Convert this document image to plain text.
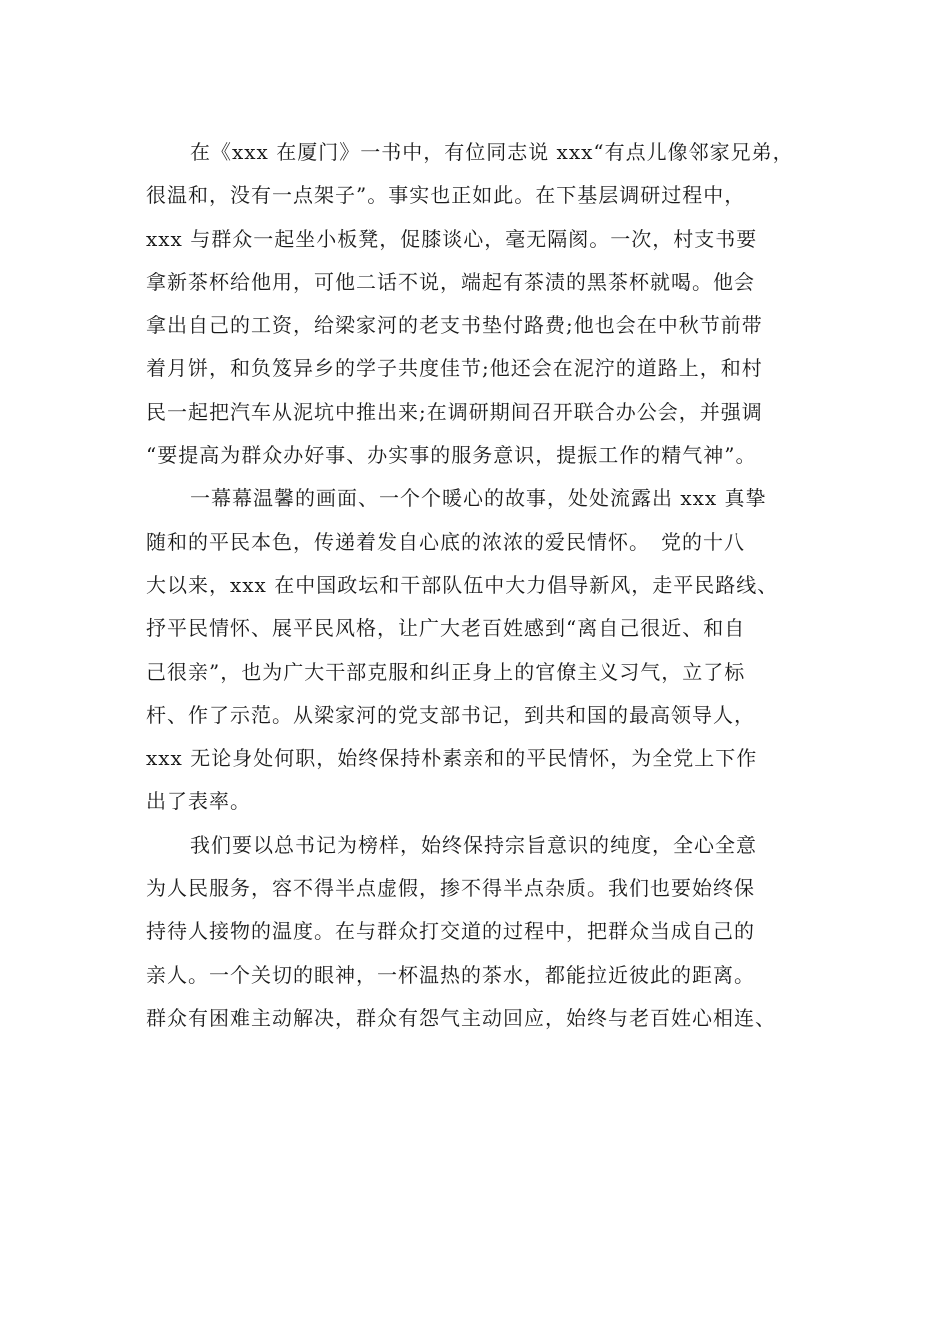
在《xxx 在厦门》一书中，有位同志说 xxx“有点儿像邻家兄弟，
很温和，没有一点架子”。事实也正如此。在下基层调研过程中，
xxx 与群众一起坐小板凳，促膝谈心，毫无隔阂。一次，村支书要
拿新茶杯给他用，可他二话不说，端起有茶渍的黑茶杯就喝。他会
拿出自己的工资，给梁家河的老支书垫付路费;他也会在中秋节前带
着月饼，和负笈异乡的学子共度佳节;他还会在泥泞的道路上，和村
民一起把汽车从泥坑中推出来;在调研期间召开联合办公会，并强调
“要提高为群众办好事、办实事的服务意识，提振工作的精气神”。
一幕幕温馨的画面、一个个暖心的故事，处处流露出 xxx 真挚
随和的平民本色，传递着发自心底的浓浓的爱民情怀。　党的十八
大以来，xxx 在中国政坛和干部队伍中大力倡导新风，走平民路线、
抒平民情怀、展平民风格，让广大老百姓感到“离自己很近、和自
己很亲”，也为广大干部克服和纠正身上的官僚主义习气，立了标
杆、作了示范。从梁家河的党支部书记，到共和国的最高领导人，
xxx 无论身处何职，始终保持朴素亲和的平民情怀，为全党上下作
出了表率。
我们要以总书记为榜样，始终保持宗旨意识的纯度，全心全意
为人民服务，容不得半点虚假，掺不得半点杂质。我们也要始终保
持待人接物的温度。在与群众打交道的过程中，把群众当成自己的
亲人。一个关切的眼神，一杯温热的茶水，都能拉近彼此的距离。
群众有困难主动解决，群众有怨气主动回应，始终与老百姓心相连、
